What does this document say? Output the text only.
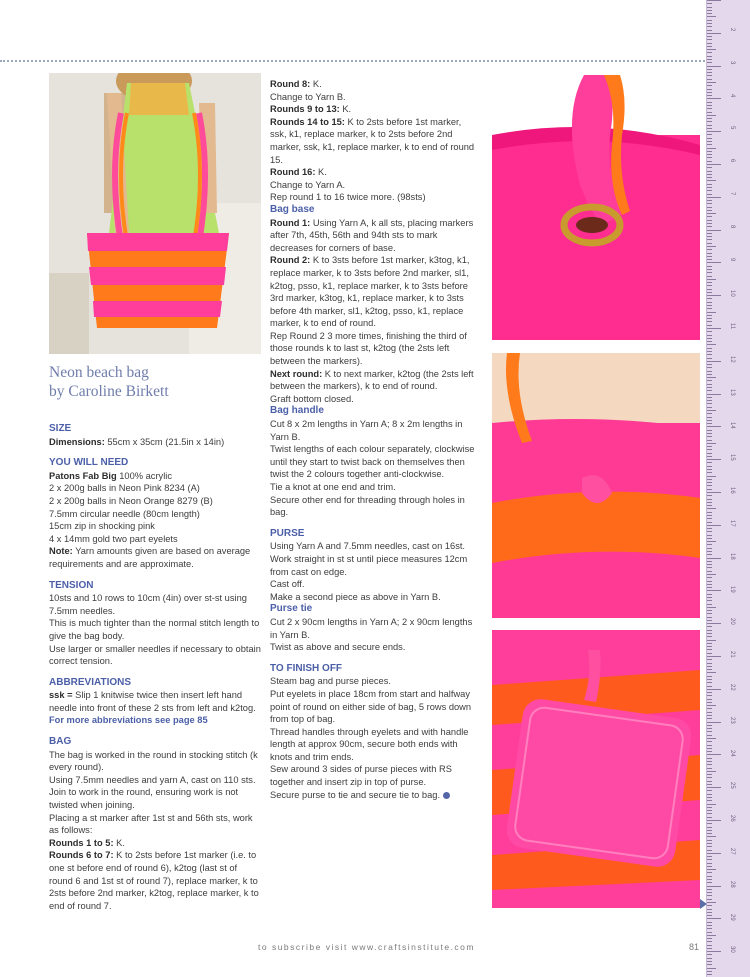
Neon beach bag
by Caroline Birkett
SIZE
Dimensions: 55cm x 35cm (21.5in x 14in)
YOU WILL NEED
Patons Fab Big 100% acrylic
2 x 200g balls in Neon Pink 8234 (A)
2 x 200g balls in Neon Orange 8279 (B)
7.5mm circular needle (80cm length)
15cm zip in shocking pink
4 x 14mm gold two part eyelets
Note: Yarn amounts given are based on average requirements and are approximate.
TENSION
10sts and 10 rows to 10cm (4in) over st-st using 7.5mm needles.
This is much tighter than the normal stitch length to give the bag body.
Use larger or smaller needles if necessary to obtain correct tension.
ABBREVIATIONS
ssk = Slip 1 knitwise twice then insert left hand needle into front of these 2 sts from left and k2tog.
For more abbreviations see page 85
BAG
The bag is worked in the round in stocking stitch (k every round).
Using 7.5mm needles and yarn A, cast on 110 sts. Join to work in the round, ensuring work is not twisted when joining.
Placing a st marker after 1st st and 56th sts, work as follows:
Rounds 1 to 5: K.
Rounds 6 to 7: K to 2sts before 1st marker (i.e. to one st before end of round 6), k2tog (last st of round 6 and 1st st of round 7), replace marker, k to 2sts before 2nd marker, k2tog, replace marker, k to end of round 7.
Round 8: K.
Change to Yarn B.
Rounds 9 to 13: K.
Rounds 14 to 15: K to 2sts before 1st marker, ssk, k1, replace marker, k to 2sts before 2nd marker, ssk, k1, replace marker, k to end of round 15.
Round 16: K.
Change to Yarn A.
Rep round 1 to 16 twice more. (98sts)
Bag base
Round 1: Using Yarn A, k all sts, placing markers after 7th, 45th, 56th and 94th sts to mark decreases for corners of base.
Round 2: K to 3sts before 1st marker, k3tog, k1, replace marker, k to 3sts before 2nd marker, sl1, k2tog, psso, k1, replace marker, k to 3sts before 3rd marker, k3tog, k1, replace marker, k to 3sts before 4th marker, sl1, k2tog, psso, k1, replace marker, k to end of round.
Rep Round 2 3 more times, finishing the third of those rounds k to last st, k2tog (the 2sts left between the markers).
Next round: K to next marker, k2tog (the 2sts left between the markers), k to end of round.
Graft bottom closed.
Bag handle
Cut 8 x 2m lengths in Yarn A; 8 x 2m lengths in Yarn B.
Twist lengths of each colour separately, clockwise until they start to twist back on themselves then twist the 2 colours together anti-clockwise.
Tie a knot at one end and trim.
Secure other end for threading through holes in bag.
PURSE
Using Yarn A and 7.5mm needles, cast on 16st. Work straight in st st until piece measures 12cm from cast on edge.
Cast off.
Make a second piece as above in Yarn B.
Purse tie
Cut 2 x 90cm lengths in Yarn A; 2 x 90cm lengths in Yarn B.
Twist as above and secure ends.
TO FINISH OFF
Steam bag and purse pieces.
Put eyelets in place 18cm from start and halfway point of round on either side of bag, 5 rows down from top of bag.
Thread handles through eyelets and with handle length at approx 90cm, secure both ends with knots and trim ends.
Sew around 3 sides of purse pieces with RS together and insert zip in top of purse.
Secure purse to tie and secure tie to bag.
2
3
4
5
6
7
8
9
10
11
12
13
14
15
16
17
18
19
20
21
22
23
24
25
26
27
28
29
30
to subscribe visit www.craftsinstitute.com	81
